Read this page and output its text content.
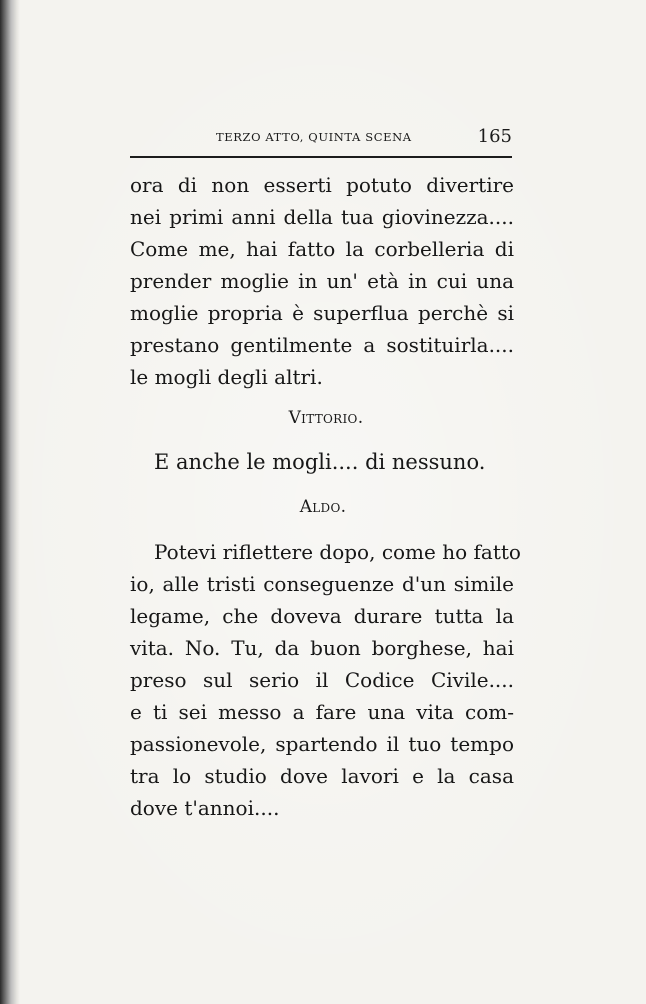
TERZO ATTO, QUINTA SCENA	165
ora di non esserti potuto divertire
nei primi anni della tua giovinezza....
Come me, hai fatto la corbelleria di
prender moglie in un' età in cui una
moglie propria è superflua perchè si
prestano gentilmente a sostituirla....
le mogli degli altri.
Vittorio.
E anche le mogli.... di nessuno.
Aldo.
Potevi riflettere dopo, come ho fatto
io, alle tristi conseguenze d'un simile
legame, che doveva durare tutta la
vita. No. Tu, da buon borghese, hai
preso sul serio il Codice Civile....
e ti sei messo a fare una vita com-
passionevole, spartendo il tuo tempo
tra lo studio dove lavori e la casa
dove t'annoi....
